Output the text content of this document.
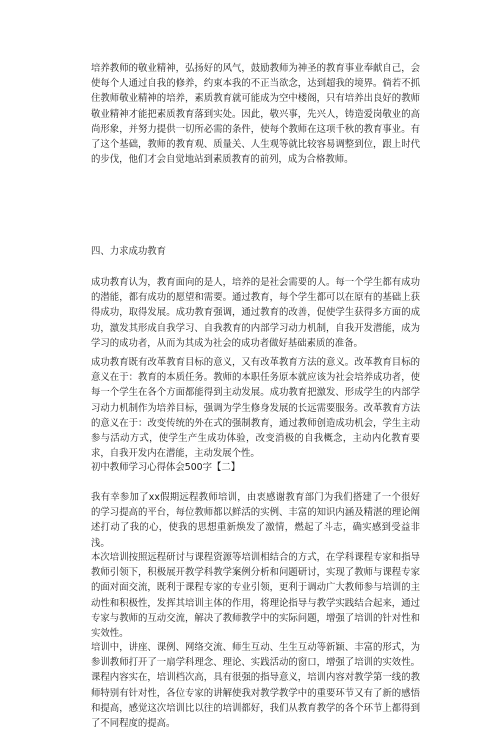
培养教师的敬业精神，弘扬好的风气，鼓励教师为神圣的教育事业奉献自己，会使每个人通过自我的修养，约束本我的不正当欲念，达到超我的境界。倘若不抓住教师敬业精神的培养，素质教育就可能成为空中楼阁，只有培养出良好的教师敬业精神才能把素质教育落到实处。因此，敬兴事，先兴人，铸造爱岗敬业的高尚形象，并努力提供一切所必需的条件，使每个教师在这项千秋的教育事业。有了这个基础，教师的教育观、质量关、人生观等就比较容易调整到位，跟上时代的步伐，他们才会自觉地站到素质教育的前列，成为合格教师。

四、力求成功教育

成功教育认为，教育面向的是人，培养的是社会需要的人。每一个学生都有成功的潜能，都有成功的愿望和需要。通过教育，每个学生都可以在原有的基础上获得成功，取得发展。成功教育强调，通过教育的改善，促使学生获得多方面的成功，激发其形成自我学习、自我教育的内部学习动力机制，自我开发潜能，成为学习的成功者，从而为其成为社会的成功者做好基础素质的准备。

成功教育既有改革教育目标的意义，又有改革教育方法的意义。改革教育目标的意义在于：教育的本质任务。教师的本职任务原本就应该为社会培养成功者，使每一个学生在各个方面都能得到主动发展。成功教育把激发、形成学生的内部学习动力机制作为培养目标，强调为学生修身发展的长远需要服务。改革教育方法的意义在于：改变传统的外在式的强制教育，通过教师创造成功机会，学生主动参与活动方式，使学生产生成功体验，改变消极的自我概念，主动内化教育要求，自我开发内在潜能，主动发展个性。

初中教师学习心得体会500字【二】

我有幸参加了xx假期远程教师培训，由衷感谢教育部门为我们搭建了一个很好的学习提高的平台，每位教师都以鲜活的实例、丰富的知识内涵及精湛的理论阐述打动了我的心，使我的思想重新焕发了激情，燃起了斗志，确实感到受益非浅。

本次培训按照远程研讨与课程资源等培训相结合的方式，在学科课程专家和指导教师引领下，积极展开教学科教学案例分析和问题研讨，实现了教师与课程专家的面对面交流，既利于课程专家的专业引领，更利于调动广大教师参与培训的主动性和积极性，发挥其培训主体的作用，将理论指导与教学实践结合起来，通过专家与教师的互动交流，解决了教师教学中的实际问题，增强了培训的针对性和实效性。

培训中，讲座、课例、网络交流、师生互动、生生互动等新颖、丰富的形式，为参训教师打开了一扇学科理念、理论、实践活动的窗口，增强了培训的实效性。课程内容实在，培训档次高，具有很强的指导意义，培训内容对教学第一线的教师特别有针对性，各位专家的讲解使我对教学教学中的重要环节又有了新的感悟和提高，感觉这次培训比以往的培训都好，我们从教育教学的各个环节上都得到了不同程度的提高。
